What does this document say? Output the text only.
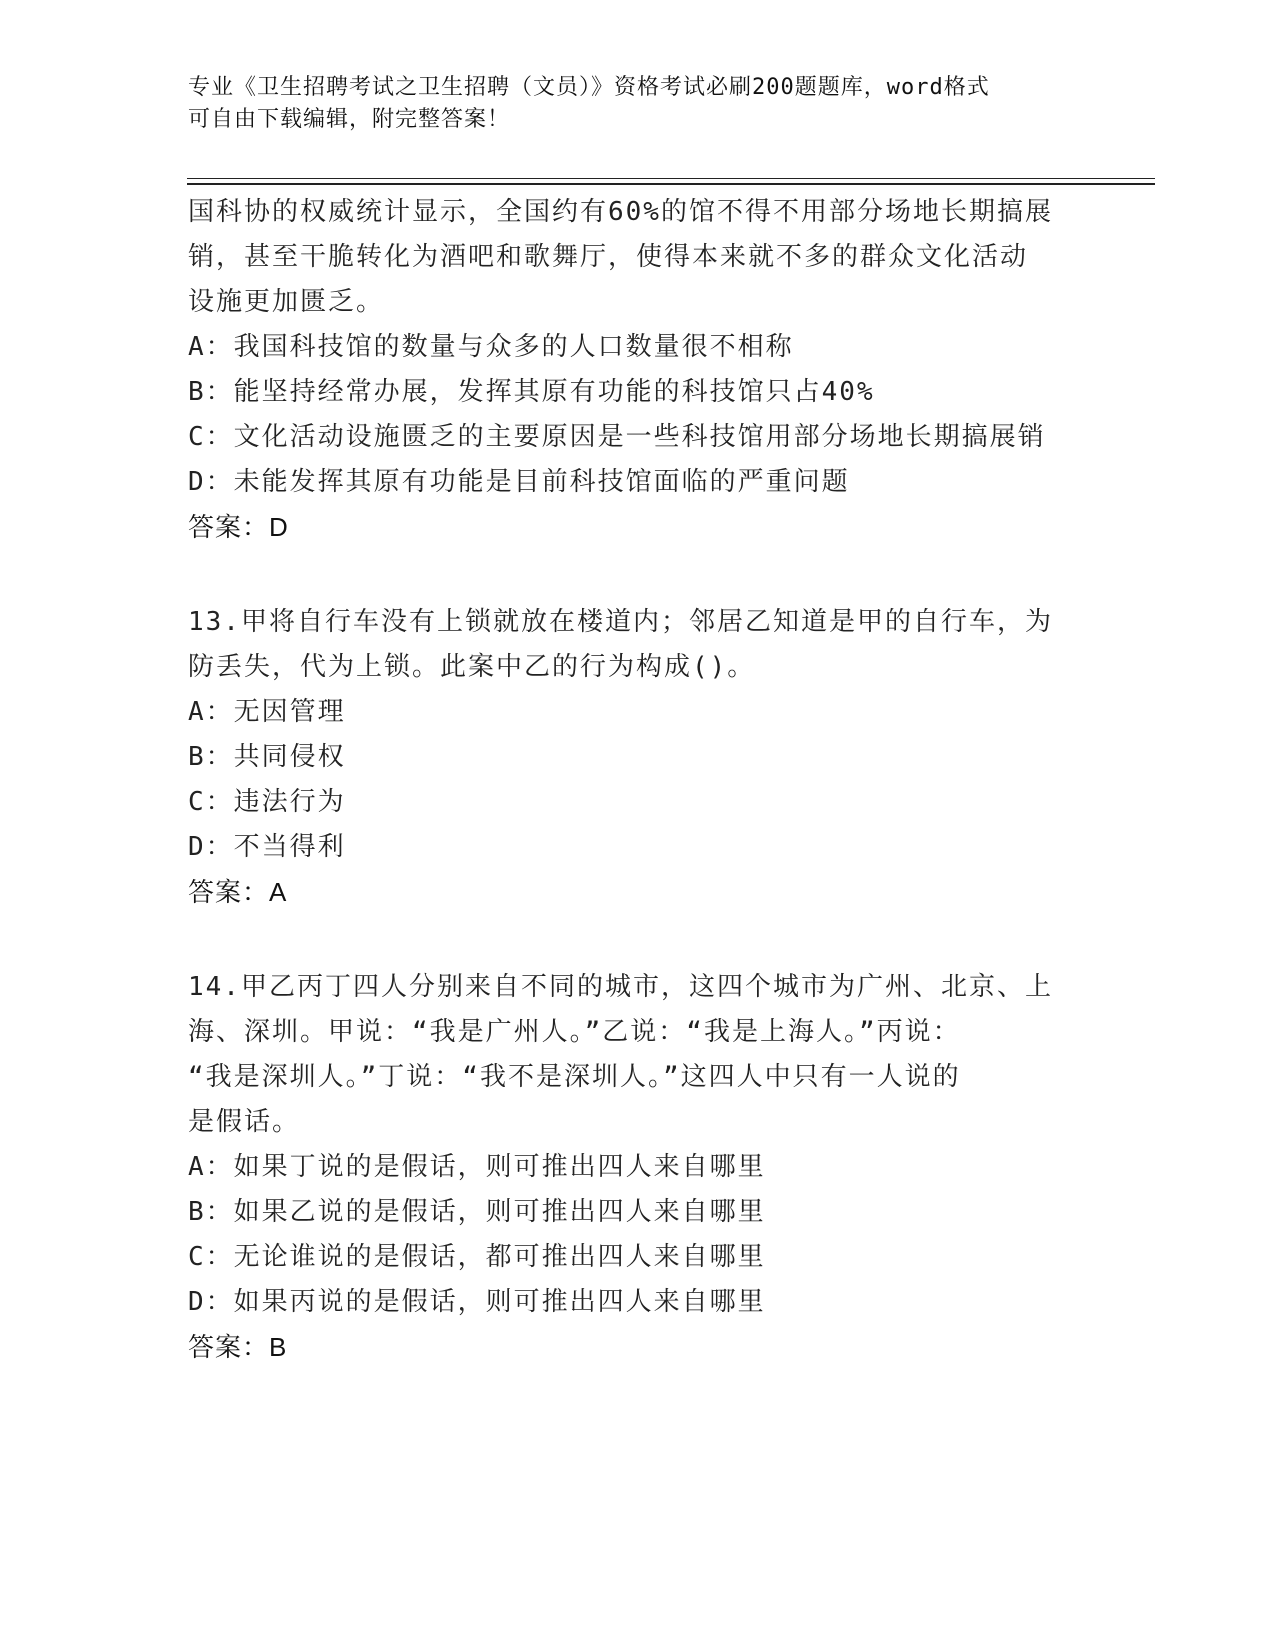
专业《卫生招聘考试之卫生招聘（文员）》资格考试必刷200题题库，word格式
可自由下载编辑，附完整答案！

国科协的权威统计显示，全国约有60%的馆不得不用部分场地长期搞展

销，甚至干脆转化为酒吧和歌舞厅，使得本来就不多的群众文化活动

设施更加匮乏。

A：我国科技馆的数量与众多的人口数量很不相称

B：能坚持经常办展，发挥其原有功能的科技馆只占40%

C：文化活动设施匮乏的主要原因是一些科技馆用部分场地长期搞展销

D：未能发挥其原有功能是目前科技馆面临的严重问题

答案：D

13.甲将自行车没有上锁就放在楼道内；邻居乙知道是甲的自行车，为

防丢失，代为上锁。此案中乙的行为构成()。

A：无因管理

B：共同侵权

C：违法行为

D：不当得利

答案：A

14.甲乙丙丁四人分别来自不同的城市，这四个城市为广州、北京、上

海、深圳。甲说：“我是广州人。”乙说：“我是上海人。”丙说：

“我是深圳人。”丁说：“我不是深圳人。”这四人中只有一人说的

是假话。

A：如果丁说的是假话，则可推出四人来自哪里

B：如果乙说的是假话，则可推出四人来自哪里

C：无论谁说的是假话，都可推出四人来自哪里

D：如果丙说的是假话，则可推出四人来自哪里

答案：B
